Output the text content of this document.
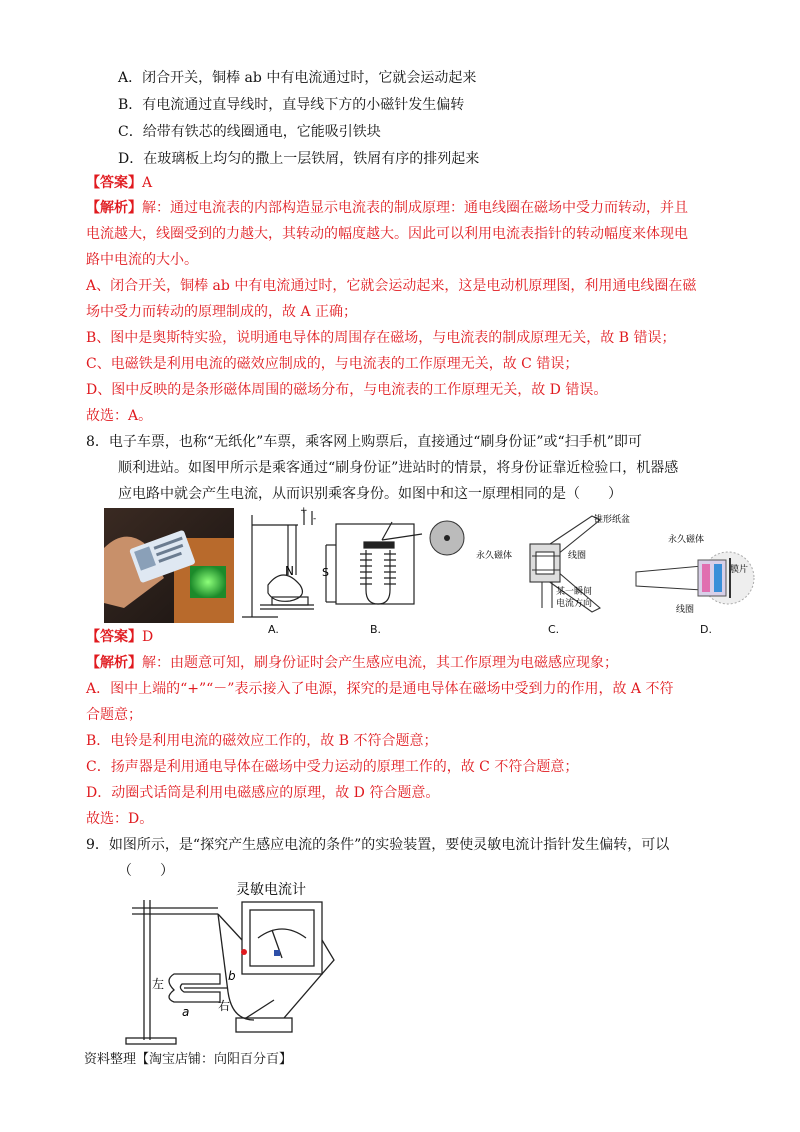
A．闭合开关，铜棒 ab 中有电流通过时，它就会运动起来
B．有电流通过直导线时，直导线下方的小磁针发生偏转
C．给带有铁芯的线圈通电，它能吸引铁块
D．在玻璃板上均匀的撒上一层铁屑，铁屑有序的排列起来
【答案】A
【解析】解：通过电流表的内部构造显示电流表的制成原理：通电线圈在磁场中受力而转动，并且
电流越大，线圈受到的力越大，其转动的幅度越大。因此可以利用电流表指针的转动幅度来体现电
路中电流的大小。
A、闭合开关，铜棒 ab 中有电流通过时，它就会运动起来，这是电动机原理图，利用通电线圈在磁
场中受力而转动的原理制成的，故 A 正确；
B、图中是奥斯特实验，说明通电导体的周围存在磁场，与电流表的制成原理无关，故 B 错误；
C、电磁铁是利用电流的磁效应制成的，与电流表的工作原理无关，故 C 错误；
D、图中反映的是条形磁体周围的磁场分布，与电流表的工作原理无关，故 D 错误。
故选：A。
8．电子车票，也称“无纸化”车票，乘客网上购票后，直接通过“刷身份证”或“扫手机”即可
顺利进站。如图甲所示是乘客通过“刷身份证”进站时的情景，将身份证靠近检验口，机器感
应电路中就会产生电流，从而识别乘客身份。如图中和这一原理相同的是（　　）
N
+
-
A.
S
B.
锥形纸盆
永久磁体	线圈
某一瞬间
电流方向
C.
永久磁体
膜片
线圈
D.
【答案】D
【解析】解：由题意可知，刷身份证时会产生感应电流，其工作原理为电磁感应现象；
A．图中上端的“+”“－”表示接入了电源，探究的是通电导体在磁场中受到力的作用，故 A 不符
合题意；
B．电铃是利用电流的磁效应工作的，故 B 不符合题意；
C．扬声器是利用通电导体在磁场中受力运动的原理工作的，故 C 不符合题意；
D．动圈式话筒是利用电磁感应的原理，故 D 符合题意。
故选：D。
9．如图所示，是“探究产生感应电流的条件”的实验装置，要使灵敏电流计指针发生偏转，可以
（　　）
灵敏电流计
左
右
a
b
资料整理【淘宝店铺：向阳百分百】
